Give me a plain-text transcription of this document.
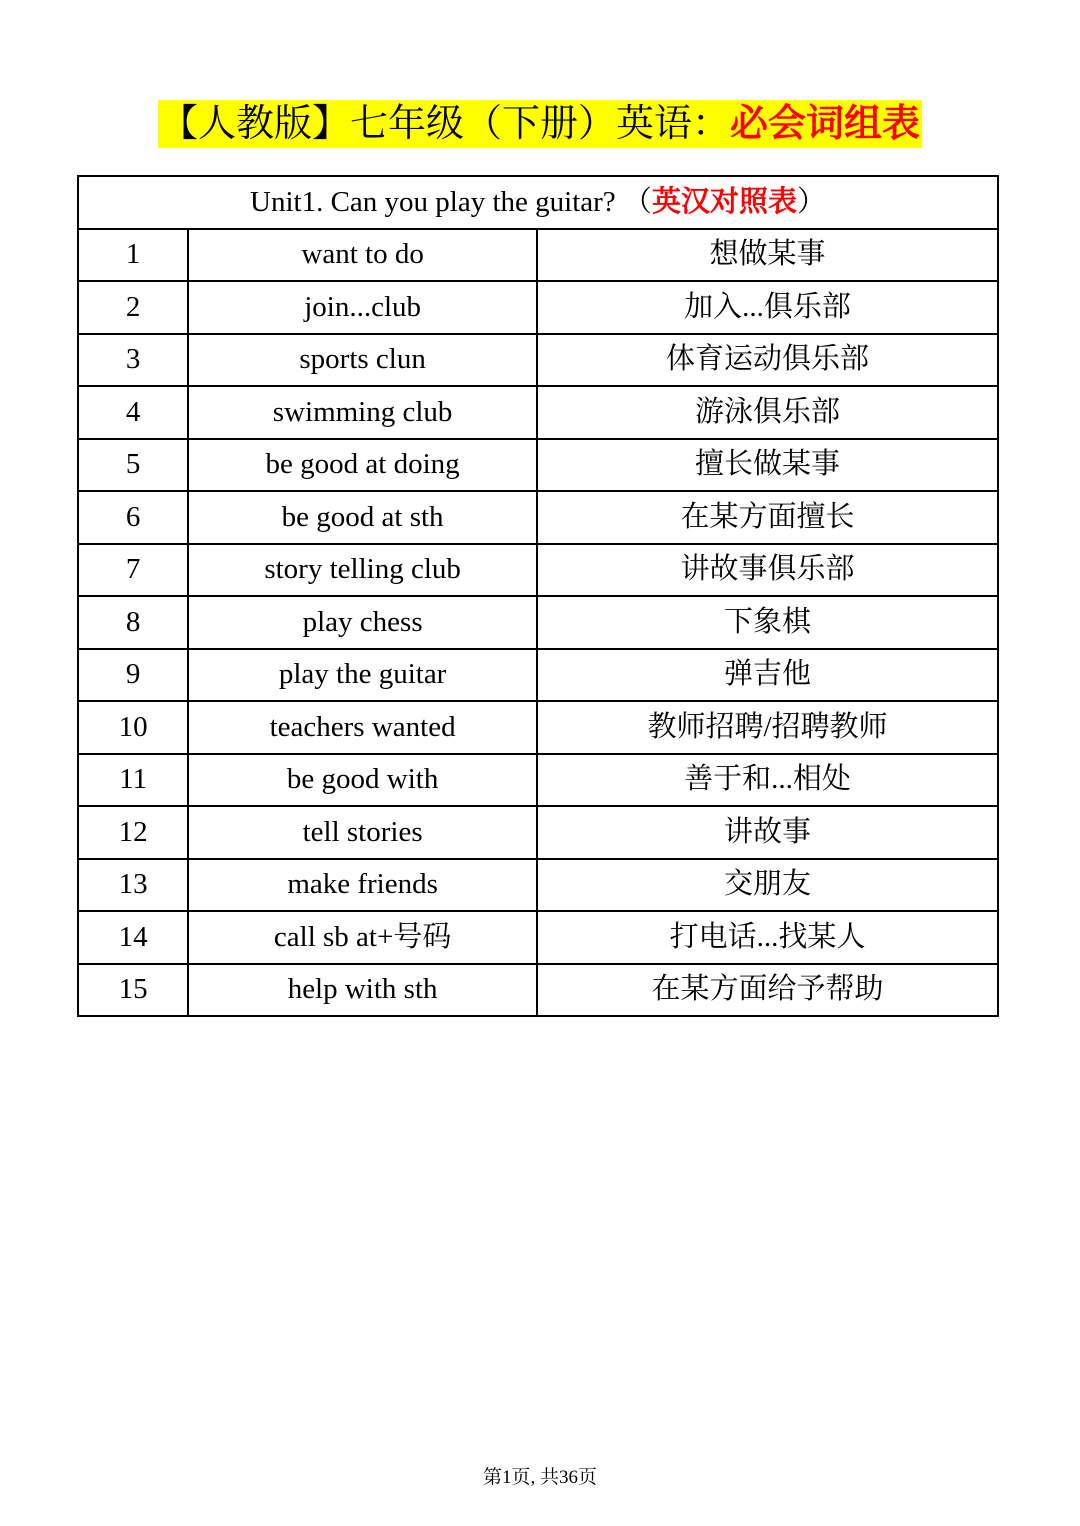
【人教版】七年级（下册）英语：必会词组表
Unit1. Can you play the guitar? （英汉对照表）		
1	want to do	想做某事
2	join...club	加入...俱乐部
3	sports clun	体育运动俱乐部
4	swimming club	游泳俱乐部
5	be good at doing	擅长做某事
6	be good at sth	在某方面擅长
7	story telling club	讲故事俱乐部
8	play chess	下象棋
9	play the guitar	弹吉他
10	teachers wanted	教师招聘/招聘教师
11	be good with	善于和...相处
12	tell stories	讲故事
13	make friends	交朋友
14	call sb at+号码	打电话...找某人
15	help with sth	在某方面给予帮助
第1页, 共36页
